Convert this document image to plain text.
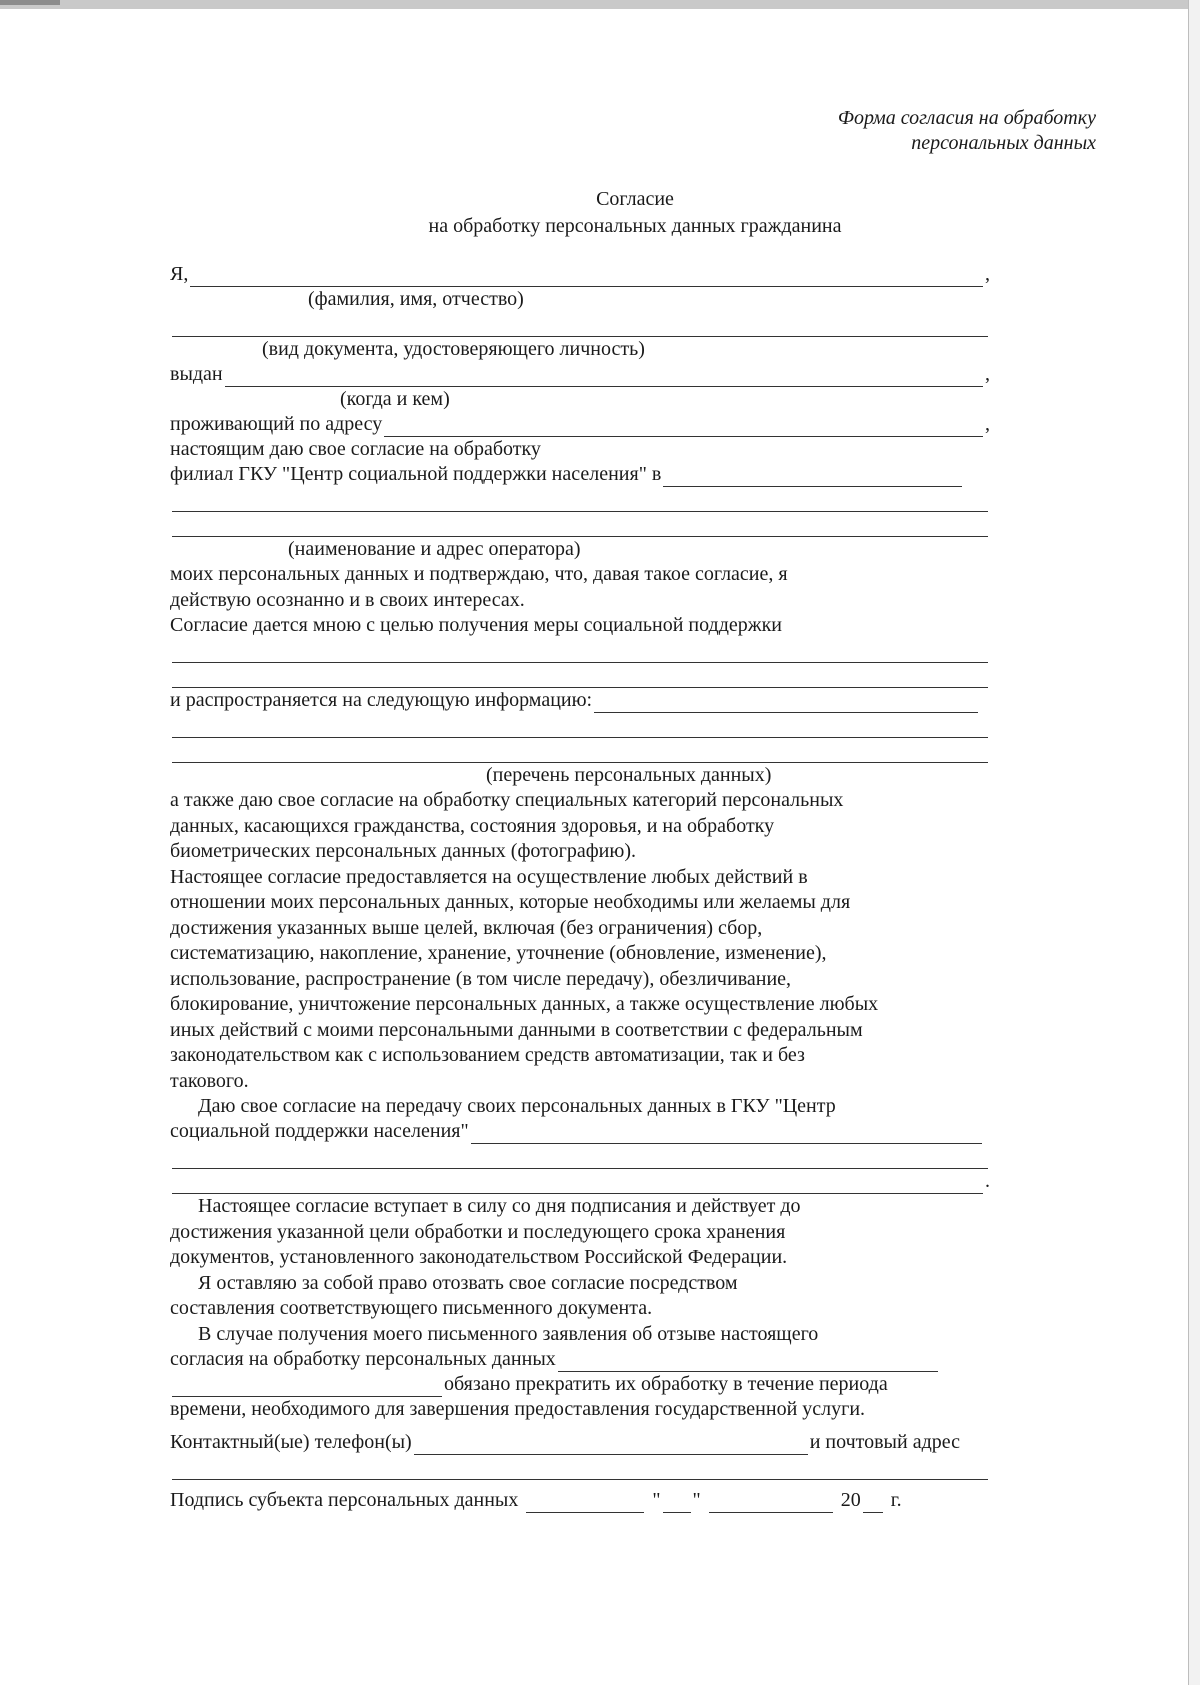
Форма согласия на обработку
персональных данных
Согласие
на обработку персональных данных гражданина
Я,	,
(фамилия, имя, отчество)
(вид документа, удостоверяющего личность)
выдан	,
(когда и кем)
проживающий по адресу	,
настоящим даю свое согласие на обработку
филиал ГКУ "Центр социальной поддержки населения" в
(наименование и адрес оператора)
моих персональных данных и подтверждаю, что, давая такое согласие, я
действую осознанно и в своих интересах.
Согласие дается мною с целью получения меры социальной поддержки
и распространяется на следующую информацию:
(перечень персональных данных)
а также даю свое согласие на обработку специальных категорий персональных
данных, касающихся гражданства, состояния здоровья, и на обработку
биометрических персональных данных (фотографию).
Настоящее согласие предоставляется на осуществление любых действий в
отношении моих персональных данных, которые необходимы или желаемы для
достижения указанных выше целей, включая (без ограничения) сбор,
систематизацию, накопление, хранение, уточнение (обновление, изменение),
использование, распространение (в том числе передачу), обезличивание,
блокирование, уничтожение персональных данных, а также осуществление любых
иных действий с моими персональными данными в соответствии с федеральным
законодательством как с использованием средств автоматизации, так и без
такового.
Даю свое согласие на передачу своих персональных данных в ГКУ "Центр
социальной поддержки населения"
.
Настоящее согласие вступает в силу со дня подписания и действует до
достижения указанной цели обработки и последующего срока хранения
документов, установленного законодательством Российской Федерации.
Я оставляю за собой право отозвать свое согласие посредством
составления соответствующего письменного документа.
В случае получения моего письменного заявления об отзыве настоящего
согласия на обработку персональных данных
обязано прекратить их обработку в течение периода
времени, необходимого для завершения предоставления государственной услуги.
Контактный(ые) телефон(ы)	и почтовый адрес
Подпись субъекта персональных данных	" "	20 г.
